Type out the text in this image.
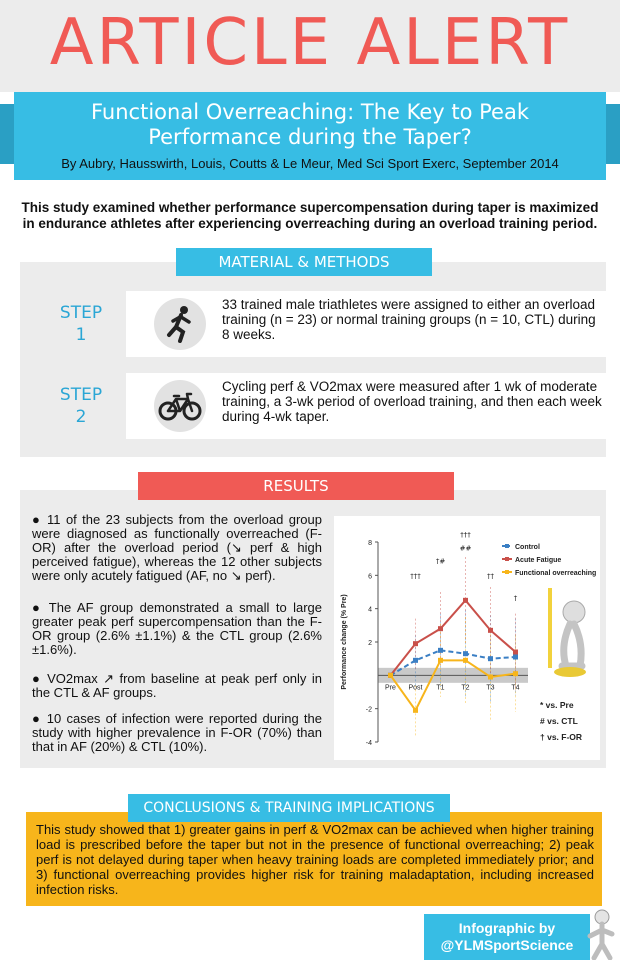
ARTICLE ALERT
Functional Overreaching: The Key to Peak
Performance during the Taper?
By Aubry, Hausswirth, Louis, Coutts & Le Meur, Med Sci Sport Exerc, September 2014
This study examined whether performance supercompensation during taper is maximized in endurance athletes after experiencing overreaching during an overload training period.
MATERIAL & METHODS
STEP
1
33 trained male triathletes were assigned to either an overload training (n = 23) or normal training groups (n = 10, CTL) during 8 weeks.
STEP
2
Cycling perf & VO2max were measured after 1 wk of moderate training, a 3-wk period of overload training, and then each week during 4-wk taper.
RESULTS
● 11 of the 23 subjects from the overload group were diagnosed as functionally overreached (F-OR) after the overload period (↘ perf & high perceived fatigue), whereas the 12 other subjects were only acutely fatigued (AF, no ↘ perf).
● The AF group demonstrated a small to large greater peak perf supercompensation than the F-OR group (2.6% ±1.1%) & the CTL group (2.6% ±1.6%).
● VO2max ↗ from baseline at peak perf only in the CTL & AF groups.
● 10 cases of infection were reported during the study with higher prevalence in F-OR (70%) than that in AF (20%) & CTL (10%).
8
6
4
2
-2
-4
Performance change (% Pre)	Pre Post T1 T2 T3 T4
†††
†#
†††
##
††
†
Control
Acute Fatigue
Functional overreaching
* vs. Pre
# vs. CTL
† vs. F-OR
CONCLUSIONS & TRAINING IMPLICATIONS
This study showed that 1) greater gains in perf & VO2max can be achieved when higher training load is prescribed before the taper but not in the presence of functional overreaching; 2) peak perf is not delayed during taper when heavy training loads are completed immediately prior; and 3) functional overreaching provides higher risk for training maladaptation, including increased infection risks.
Infographic by
@YLMSportScience
